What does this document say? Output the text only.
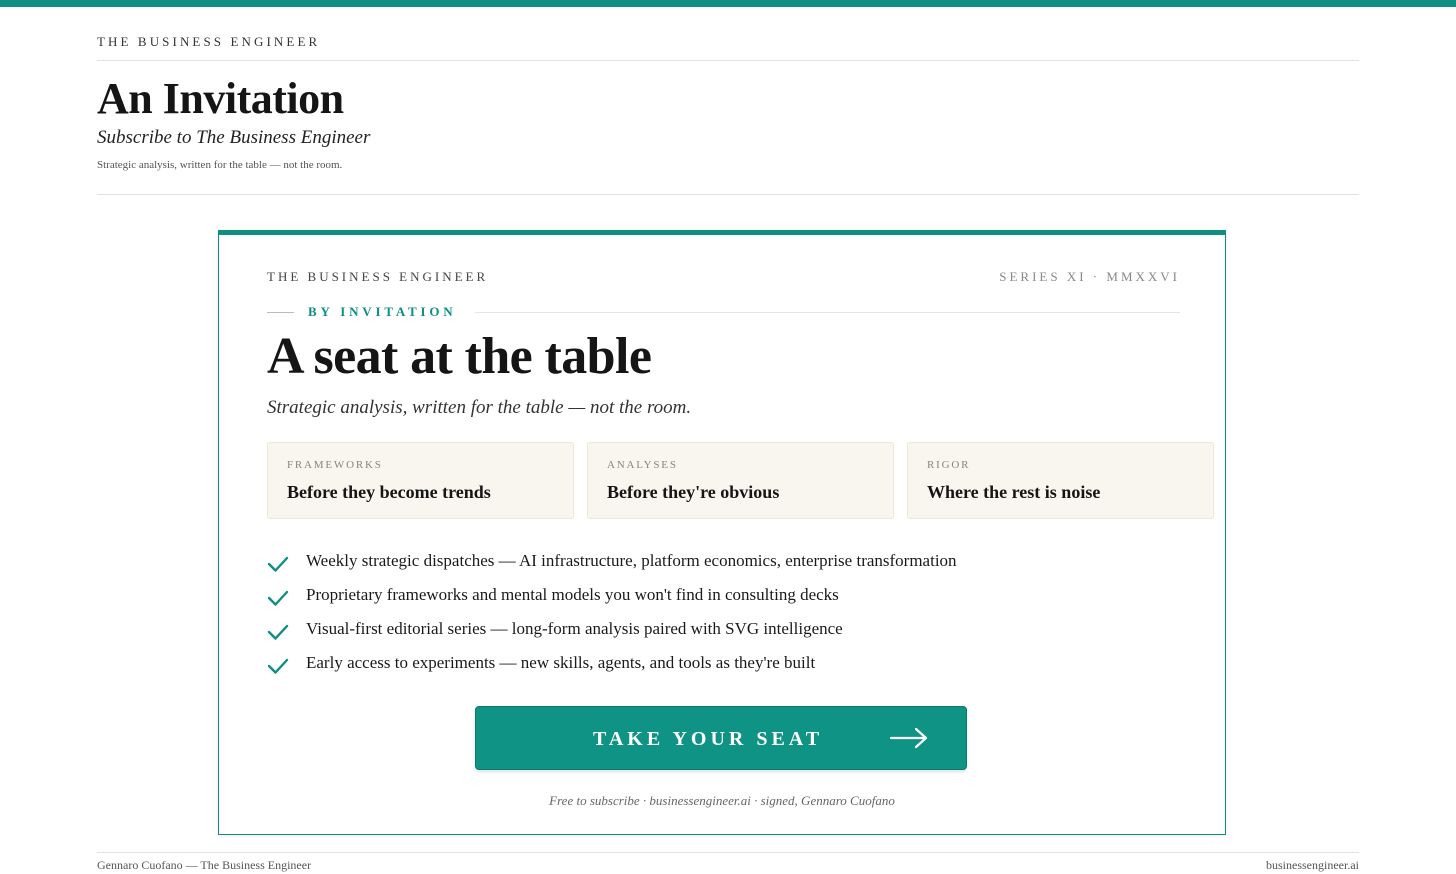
THE BUSINESS ENGINEER
An Invitation
Subscribe to The Business Engineer
Strategic analysis, written for the table — not the room.
THE BUSINESS ENGINEER	SERIES XI · MMXXVI
BY INVITATION
A seat at the table
Strategic analysis, written for the table — not the room.
FRAMEWORKS
Before they become trends
ANALYSES
Before they're obvious
RIGOR
Where the rest is noise
Weekly strategic dispatches — AI infrastructure, platform economics, enterprise transformation
Proprietary frameworks and mental models you won't find in consulting decks
Visual-first editorial series — long-form analysis paired with SVG intelligence
Early access to experiments — new skills, agents, and tools as they're built
TAKE YOUR SEAT
Free to subscribe · businessengineer.ai · signed, Gennaro Cuofano
Gennaro Cuofano — The Business Engineer	businessengineer.ai
